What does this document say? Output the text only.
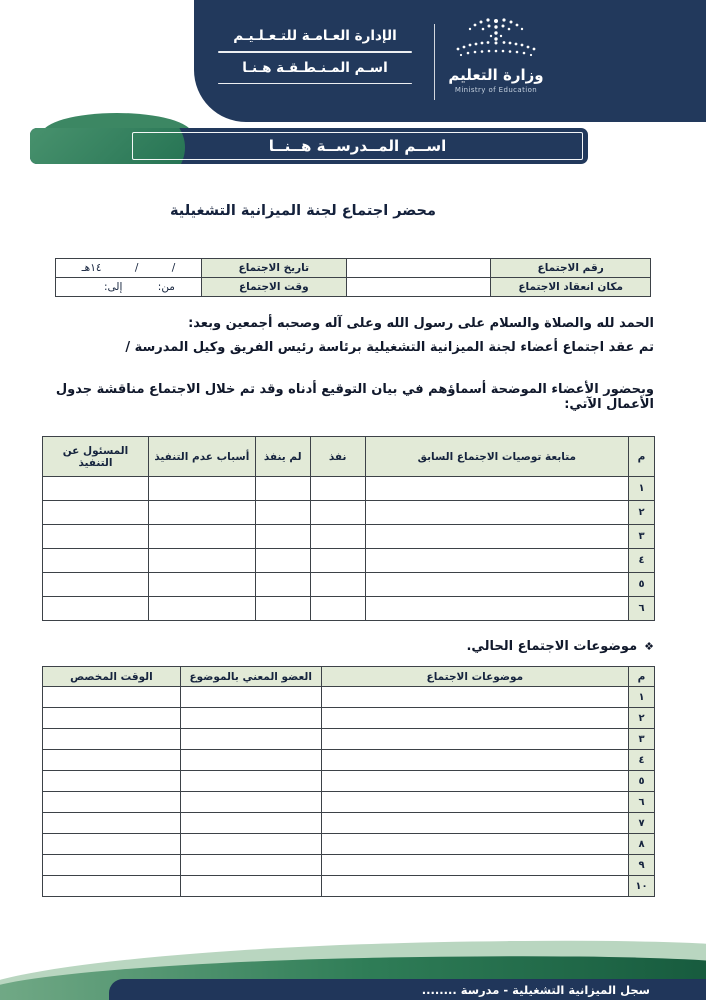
الإدارة العـامـة للتـعـلـيـم
اسـم المـنـطـقـة هـنـا	وزارة التعليم
Ministry of Education
اســم المــدرســة هــنــا
محضر اجتماع لجنة الميزانية التشغيلية
رقم الاجتماع		تاريخ الاجتماع	/          /          ١٤هـ
مكان انعقاد الاجتماع		وقت الاجتماع	من:
إلى:

الحمد لله والصلاة والسلام على رسول الله وعلى آله وصحبه أجمعين وبعد:

تم عقد اجتماع أعضاء لجنة الميزانية التشغيلية برئاسة رئيس الفريق وكيل المدرسة /

وبحضور الأعضاء الموضحة أسماؤهم في بيان التوقيع أدناه وقد تم خلال الاجتماع مناقشة جدول الأعمال الآتي:

م	متابعة توصيات الاجتماع السابق	نفذ	لم ينفذ	أسباب عدم التنفيذ	المسئول عن التنفيذ
١					
٢					
٣					
٤					
٥					
٦					
❖موضوعات الاجتماع الحالي.
م	موضوعات الاجتماع	العضو المعني بالموضوع	الوقت المخصص
١			
٢			
٣			
٤			
٥			
٦			
٧			
٨			
٩			
١٠			
سجل الميزانية التشغيلية - مدرسة ........
